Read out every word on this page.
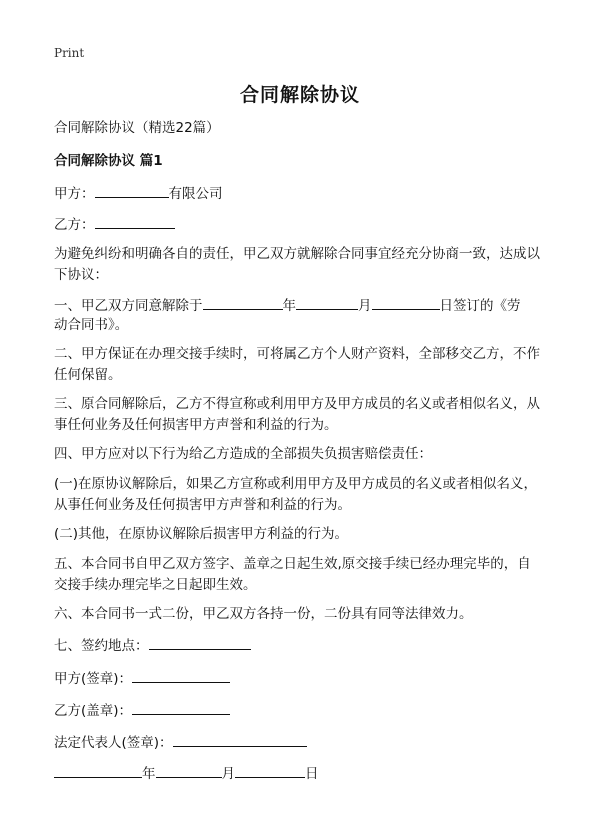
Print
合同解除协议
合同解除协议（精选22篇）
合同解除协议 篇1
甲方：	有限公司
乙方：
为避免纠纷和明确各自的责任，甲乙双方就解除合同事宜经充分协商一致，达成以
下协议：
一、甲乙双方同意解除于	年	月	日签订的《劳
动合同书》。
二、甲方保证在办理交接手续时，可将属乙方个人财产资料，全部移交乙方，不作
任何保留。
三、原合同解除后，乙方不得宣称或利用甲方及甲方成员的名义或者相似名义，从
事任何业务及任何损害甲方声誉和利益的行为。
四、甲方应对以下行为给乙方造成的全部损失负损害赔偿责任：
(一)在原协议解除后，如果乙方宣称或利用甲方及甲方成员的名义或者相似名义，
从事任何业务及任何损害甲方声誉和利益的行为。
(二)其他，在原协议解除后损害甲方利益的行为。
五、本合同书自甲乙双方签字、盖章之日起生效,原交接手续已经办理完毕的，自
交接手续办理完毕之日起即生效。
六、本合同书一式二份，甲乙双方各持一份，二份具有同等法律效力。
七、签约地点：
甲方(签章)：
乙方(盖章)：
法定代表人(签章)：
年	月	日
